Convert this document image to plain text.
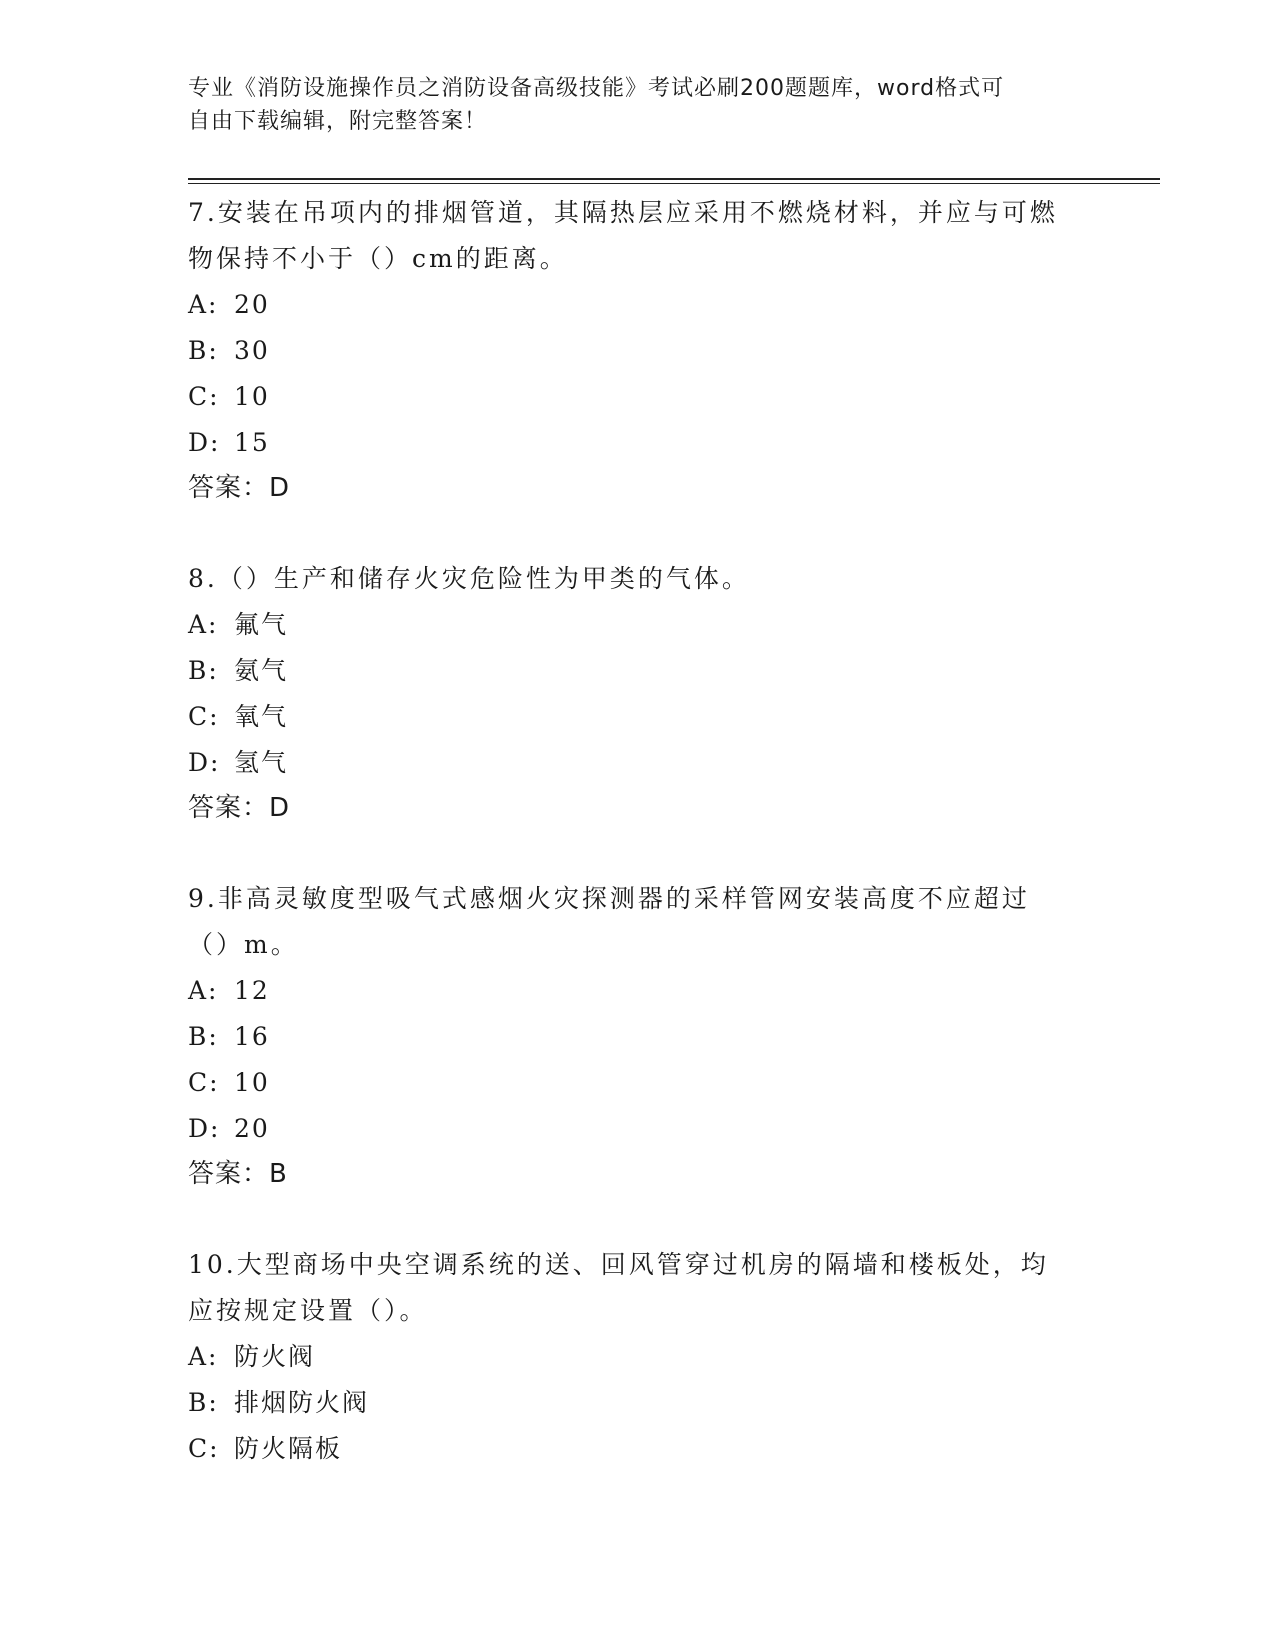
专业《消防设施操作员之消防设备高级技能》考试必刷200题题库，word格式可
自由下载编辑，附完整答案！
7.安装在吊项内的排烟管道，其隔热层应采用不燃烧材料，并应与可燃物保持不小于（）cm的距离。
A: 20
B: 30
C: 10
D: 15
答案：D
8.（）生产和储存火灾危险性为甲类的气体。
A: 氟气
B: 氨气
C: 氧气
D: 氢气
答案：D
9.非高灵敏度型吸气式感烟火灾探测器的采样管网安装高度不应超过（）m。
A: 12
B: 16
C: 10
D: 20
答案：B
10.大型商场中央空调系统的送、回风管穿过机房的隔墙和楼板处，均应按规定设置（）。
A: 防火阀
B: 排烟防火阀
C: 防火隔板
